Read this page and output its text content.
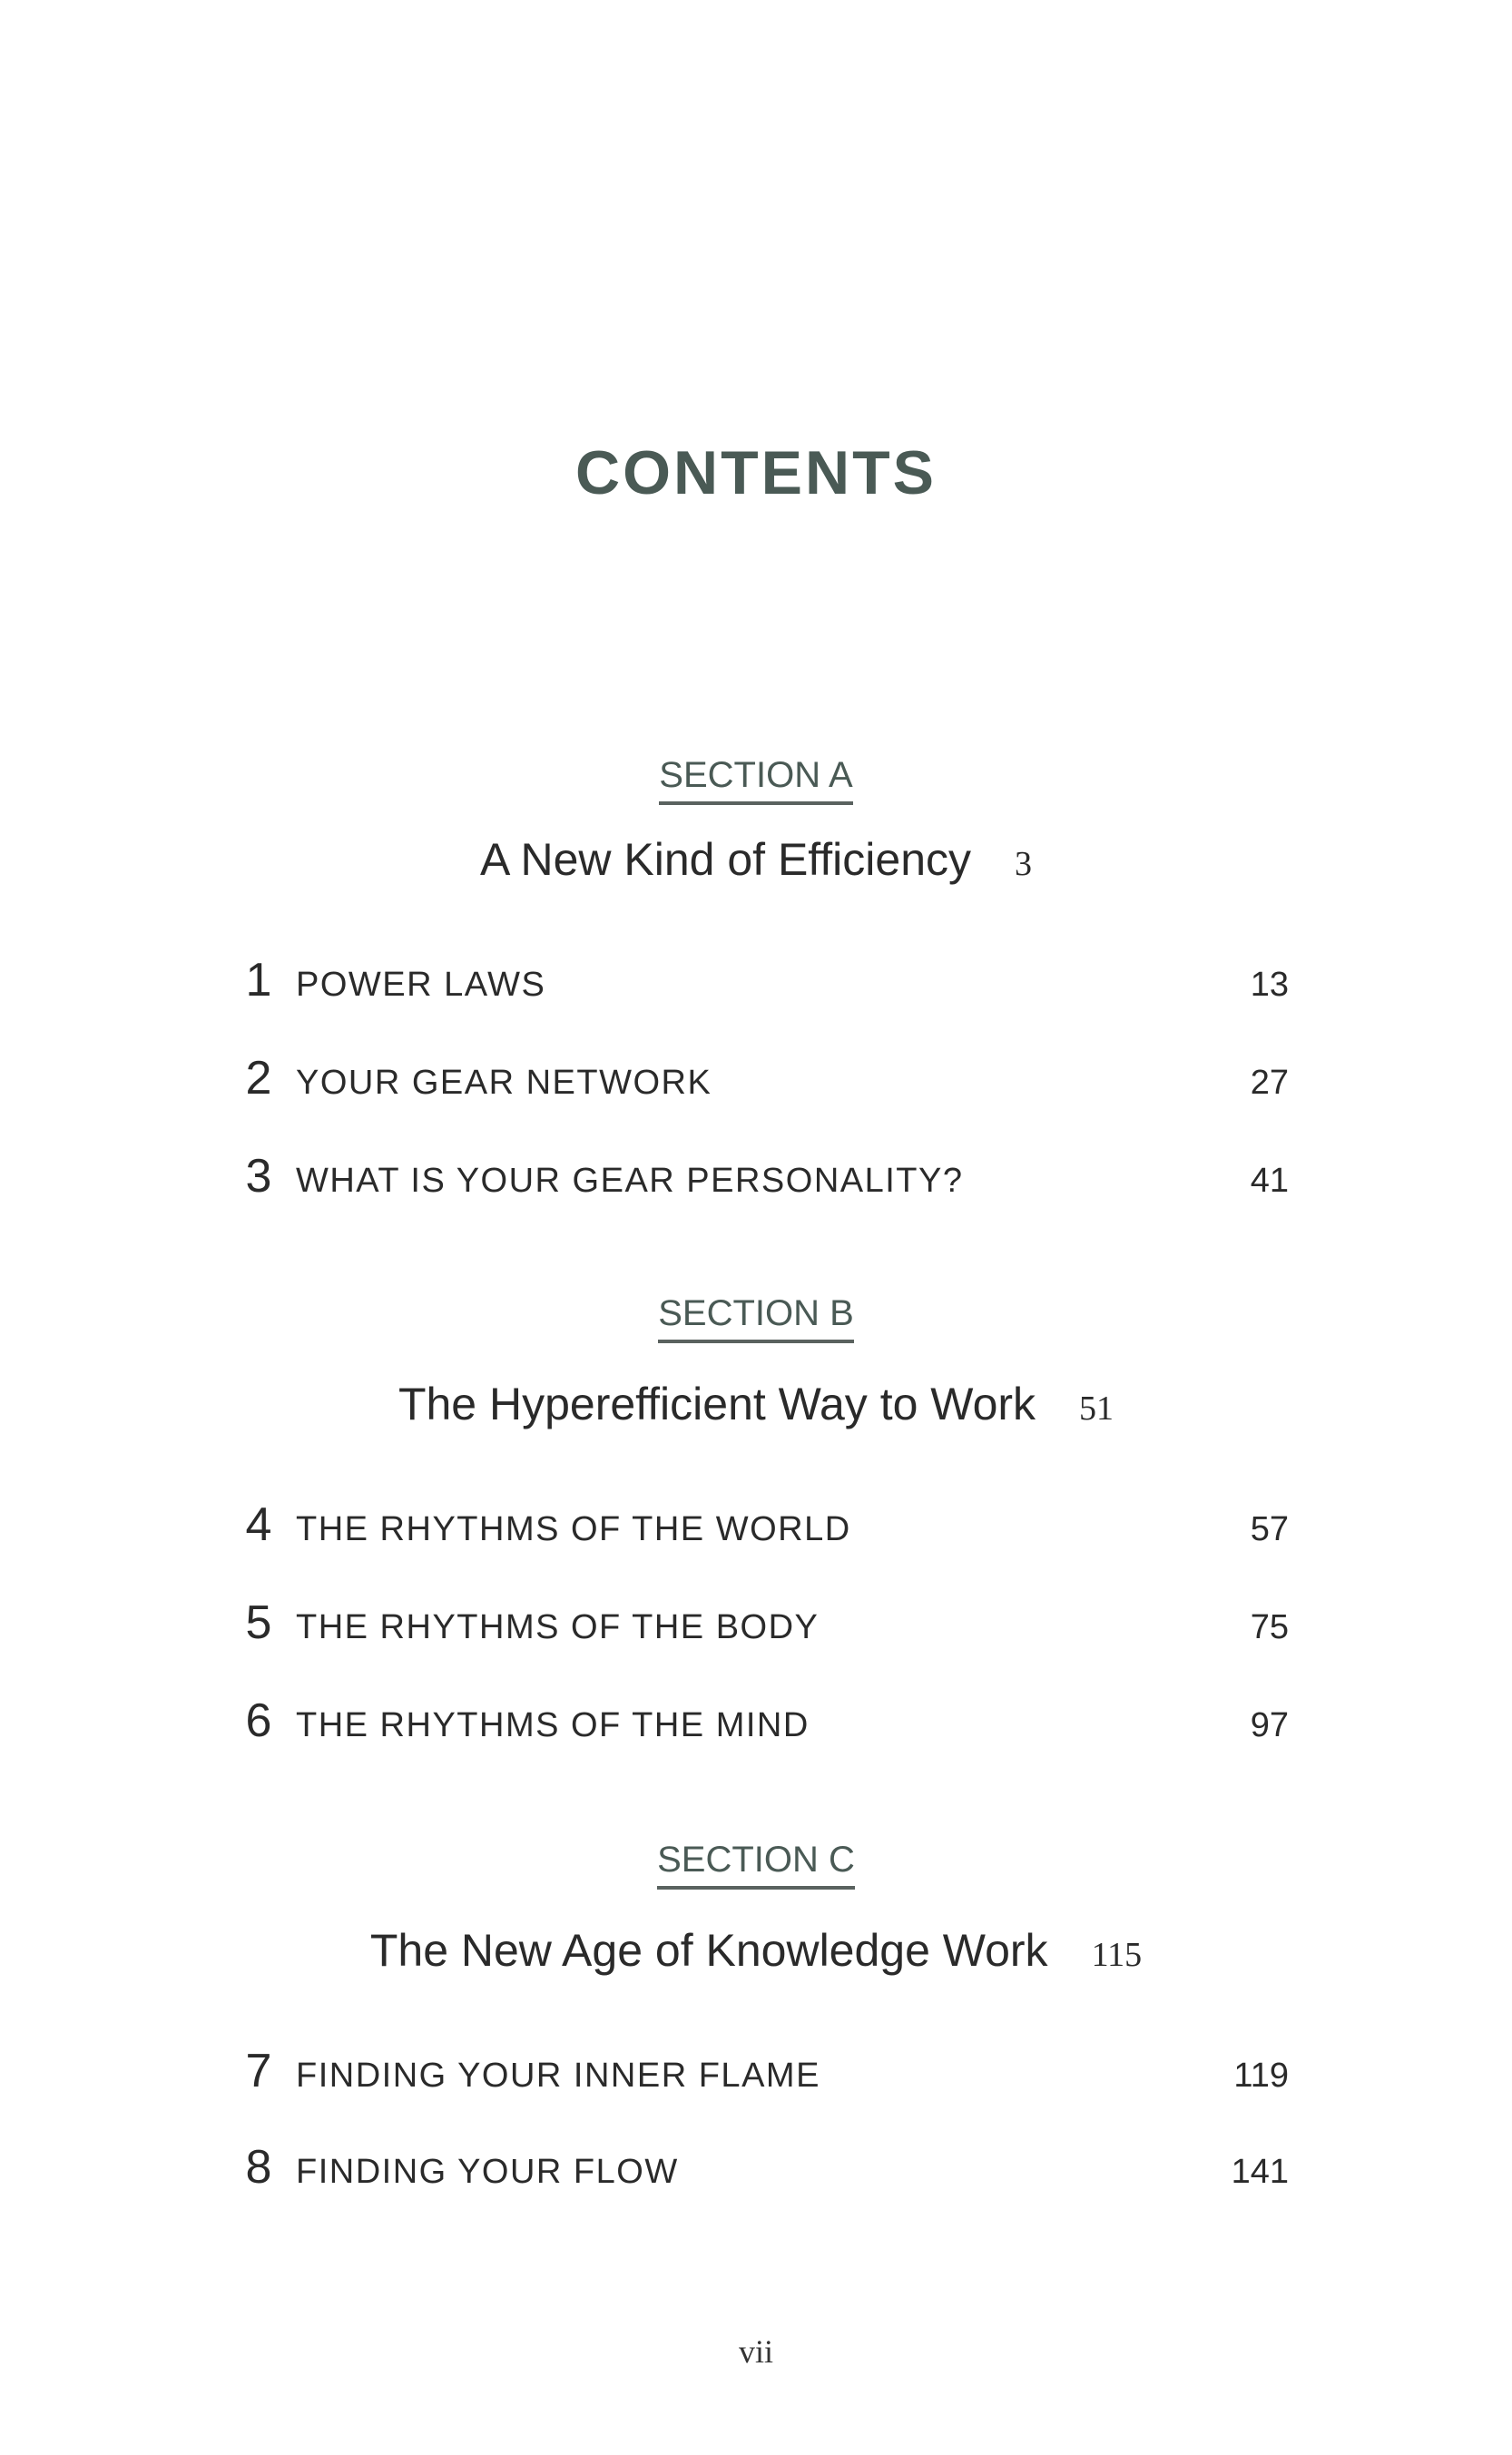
CONTENTS
SECTION A
A New Kind of Efficiency 3
1 POWER LAWS	13
2 YOUR GEAR NETWORK	27
3 WHAT IS YOUR GEAR PERSONALITY?	41
SECTION B
The Hyperefficient Way to Work 51
4 THE RHYTHMS OF THE WORLD	57
5 THE RHYTHMS OF THE BODY	75
6 THE RHYTHMS OF THE MIND	97
SECTION C
The New Age of Knowledge Work 115
7 FINDING YOUR INNER FLAME	119
8 FINDING YOUR FLOW	141
vii
